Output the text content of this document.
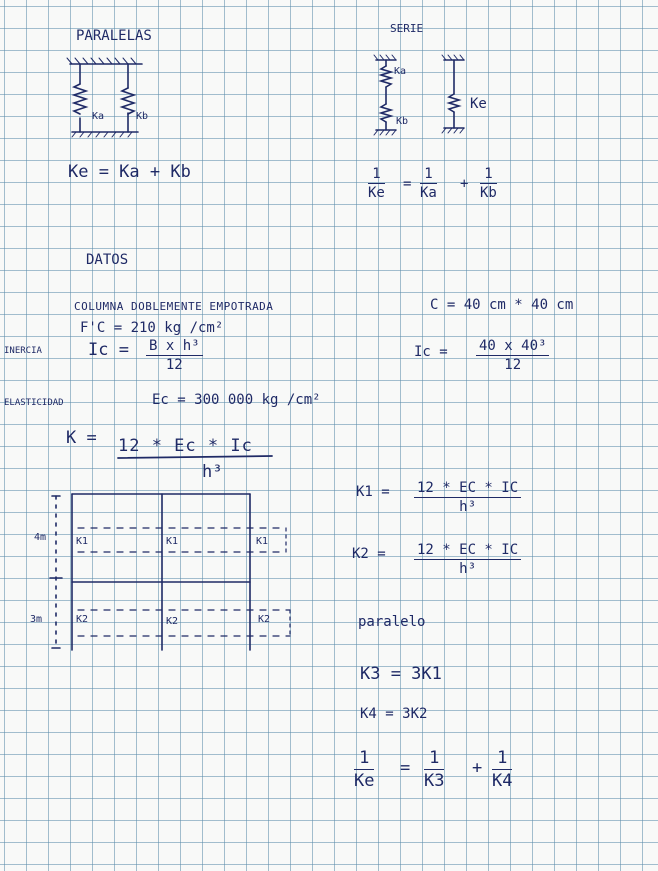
PARALELAS	SERIE
Ka	Kb
Ka
Kb
Ke
Ke = Ka + Kb	$\frac{1}{Ke} = \frac{1}{Ka} + \frac{1}{Kb}$
DATOS
COLUMNA DOBLEMENTE EMPOTRADA	C = 40 cm * 40 cm
F'C = 210 kg /cm²
INERCIA	$Ic = \frac{\text{B x h³}}{12}$	$Ic = \frac{\text{40 x 40³}}{12}$
ELASTICIDAD	Ec = 300 000 kg /cm²
K = 12 * Ec * Ic
h³
4m
3m
K1	K1	K1
K2	K2	K2
$K1 = \frac{12 * EC * IC}{\text{h³}}$
$K2 = \frac{12 * EC * IC}{\text{h³}}$
paralelo
K3 = 3K1
K4 = 3K2
$\frac{1}{Ke} = \frac{1}{K3} + \frac{1}{K4}$
